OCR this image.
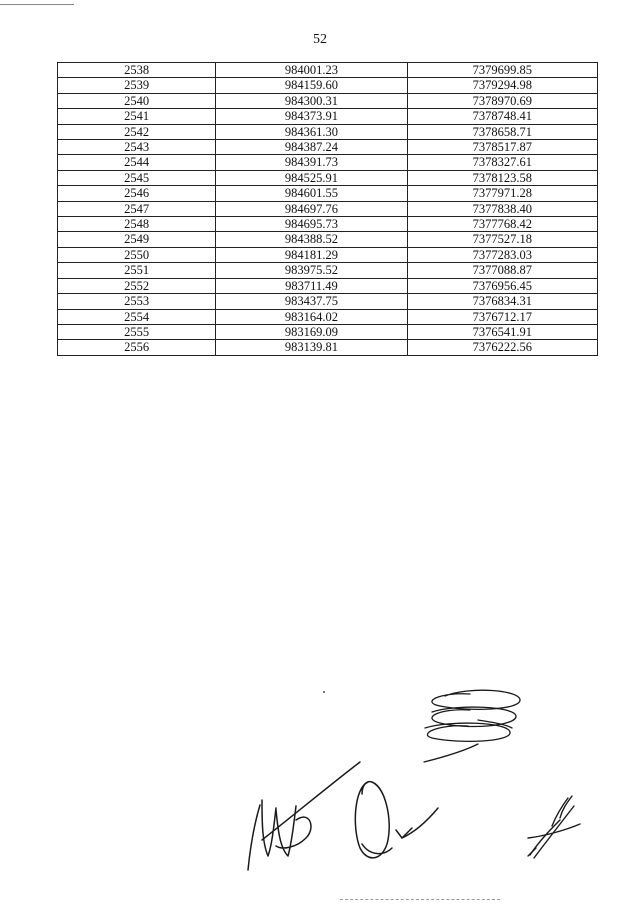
52
2538	984001.23	7379699.85
2539	984159.60	7379294.98
2540	984300.31	7378970.69
2541	984373.91	7378748.41
2542	984361.30	7378658.71
2543	984387.24	7378517.87
2544	984391.73	7378327.61
2545	984525.91	7378123.58
2546	984601.55	7377971.28
2547	984697.76	7377838.40
2548	984695.73	7377768.42
2549	984388.52	7377527.18
2550	984181.29	7377283.03
2551	983975.52	7377088.87
2552	983711.49	7376956.45
2553	983437.75	7376834.31
2554	983164.02	7376712.17
2555	983169.09	7376541.91
2556	983139.81	7376222.56
